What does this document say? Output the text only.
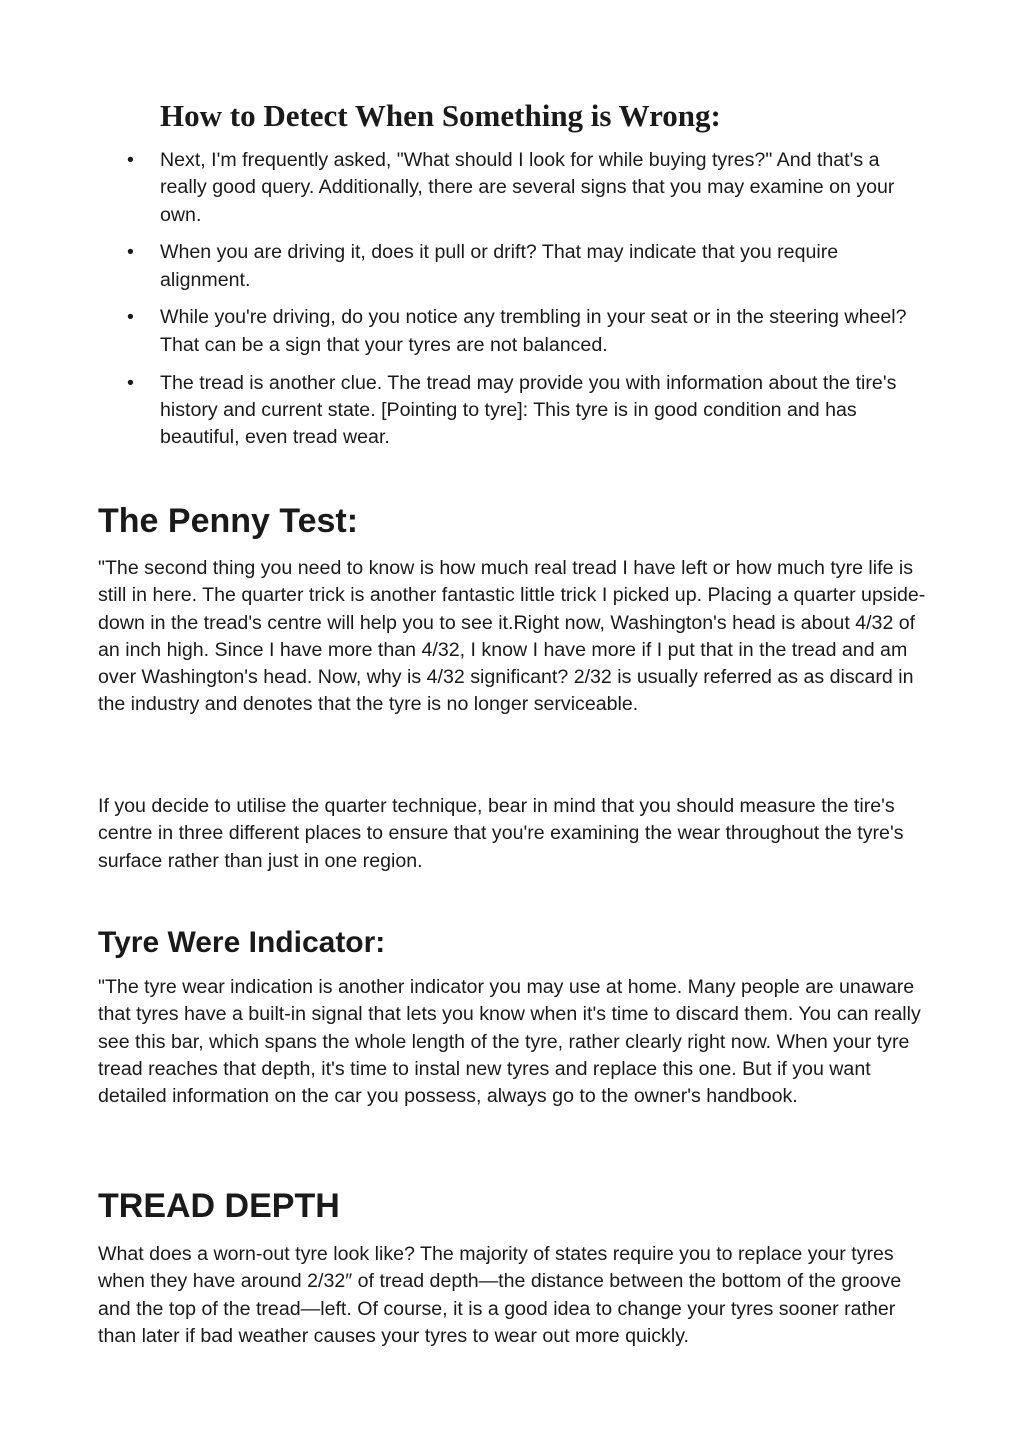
How to Detect When Something is Wrong:
• Next, I'm frequently asked, "What should I look for while buying tyres?" And that's a really good query. Additionally, there are several signs that you may examine on your own.
• When you are driving it, does it pull or drift? That may indicate that you require alignment.
• While you're driving, do you notice any trembling in your seat or in the steering wheel? That can be a sign that your tyres are not balanced.
• The tread is another clue. The tread may provide you with information about the tire's history and current state. [Pointing to tyre]: This tyre is in good condition and has beautiful, even tread wear.
The Penny Test:

"The second thing you need to know is how much real tread I have left or how much tyre life is still in here. The quarter trick is another fantastic little trick I picked up. Placing a quarter upside-down in the tread's centre will help you to see it.Right now, Washington's head is about 4/32 of an inch high. Since I have more than 4/32, I know I have more if I put that in the tread and am over Washington's head. Now, why is 4/32 significant? 2/32 is usually referred as as discard in the industry and denotes that the tyre is no longer serviceable.

If you decide to utilise the quarter technique, bear in mind that you should measure the tire's centre in three different places to ensure that you're examining the wear throughout the tyre's surface rather than just in one region.

Tyre Were Indicator:

"The tyre wear indication is another indicator you may use at home. Many people are unaware that tyres have a built-in signal that lets you know when it's time to discard them. You can really see this bar, which spans the whole length of the tyre, rather clearly right now. When your tyre tread reaches that depth, it's time to instal new tyres and replace this one. But if you want detailed information on the car you possess, always go to the owner's handbook.

TREAD DEPTH

What does a worn-out tyre look like? The majority of states require you to replace your tyres when they have around 2/32″ of tread depth—the distance between the bottom of the groove and the top of the tread—left. Of course, it is a good idea to change your tyres sooner rather than later if bad weather causes your tyres to wear out more quickly.
